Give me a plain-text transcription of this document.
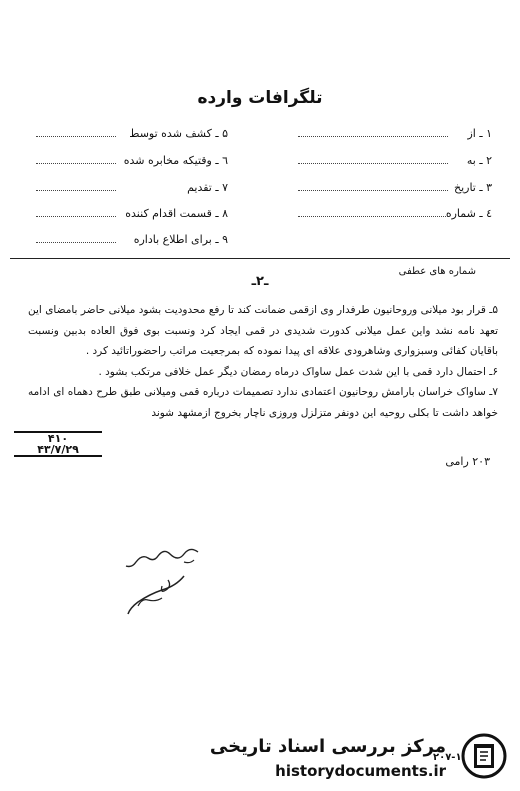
تلگرافات وارده
۱ ـ از
۲ ـ به
۳ ـ تاریخ
٤ ـ شماره
۵ ـ کشف شده توسط
٦ ـ وقتیکه مخابره شده
۷ ـ تقدیم
۸ ـ قسمت اقدام کننده
۹ ـ برای اطلاع باداره
شماره های عطفی
ـ۲ـ

۵ـ قرار بود میلانی وروحانیون طرفدار وی ازقمی ضمانت کند تا رفع محدودیت بشود میلانی حاضر بامضای این تعهد نامه نشد واین عمل میلانی کدورت شدیدی در قمی ایجاد کرد ونسبت بوی فوق العاده بدبین ونسبت باقایان کفائی وسبزواری وشاهرودی علاقه ای پیدا نموده که بمرجعیت مراتب راحضوراتائید کرد .

۶ـ احتمال دارد قمی با این شدت عمل ساواک درماه رمضان دیگر عمل خلافی مرتکب بشود .

۷ـ ساواک خراسان بارامش روحانیون اعتمادی ندارد تصمیمات درباره قمی ومیلانی طبق طرح دهماه ای ادامه خواهد داشت تا بکلی روحیه این دونفر متزلزل وروزی ناچار بخروج ازمشهد شوند

۴۱۰
۴۳/۷/۲۹
۲۰۳ رامی
مرکز بررسی اسناد تاریخی
historydocuments.ir
۲۰۷-۱
